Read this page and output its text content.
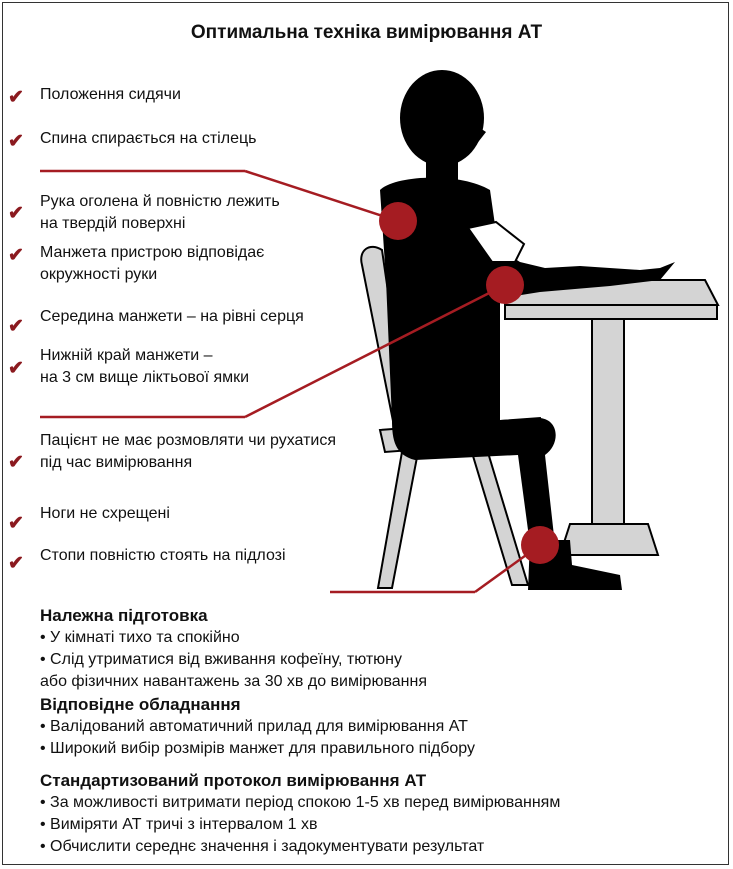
Оптимальна техніка вимірювання АТ
✔ Положення сидячи
✔ Спина спирається на стілець
✔
Рука оголена й повністю лежить
на твердій поверхні
✔ Манжета пристрою відповідає
окружності руки
✔ Середина манжети – на рівні серця
✔
Нижній край манжети –
на 3 см вище ліктьової ямки
✔
Пацієнт не має розмовляти чи рухатися
під час вимірювання
✔ Ноги не схрещені
✔ Стопи повністю стоять на підлозі
Належна підготовка
• У кімнаті тихо та спокійно
• Слід утриматися від вживання кофеїну, тютюну
або фізичних навантажень за 30 хв до вимірювання
Відповідне обладнання
• Валідований автоматичний прилад для вимірювання АТ
• Широкий вибір розмірів манжет для правильного підбору
Стандартизований протокол вимірювання АТ
• За можливості витримати період спокою 1-5 хв перед вимірюванням
• Виміряти АТ тричі з інтервалом 1 хв
• Обчислити середнє значення і задокументувати результат
